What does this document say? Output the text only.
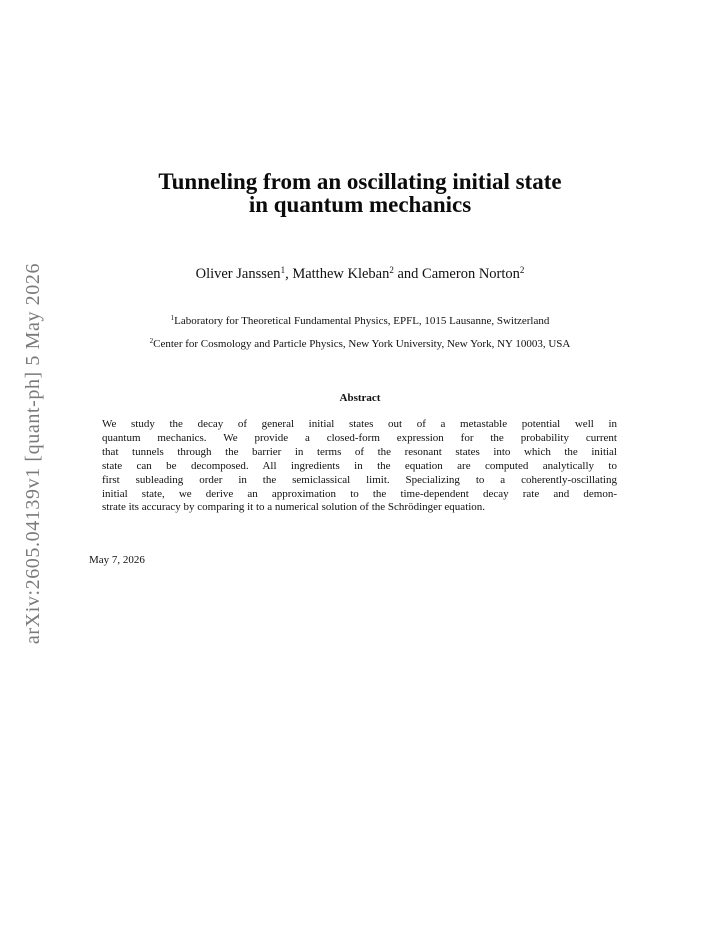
arXiv:2605.04139v1 [quant-ph] 5 May 2026
Tunneling from an oscillating initial state
in quantum mechanics
Oliver Janssen$^1$, Matthew Kleban$^2$ and Cameron Norton$^2$
$^1$Laboratory for Theoretical Fundamental Physics, EPFL, 1015 Lausanne, Switzerland
$^2$Center for Cosmology and Particle Physics, New York University, New York, NY 10003, USA
Abstract
We study the decay of general initial states out of a metastable potential well in
quantum mechanics. We provide a closed-form expression for the probability current
that tunnels through the barrier in terms of the resonant states into which the initial
state can be decomposed. All ingredients in the equation are computed analytically to
first subleading order in the semiclassical limit. Specializing to a coherently-oscillating
initial state, we derive an approximation to the time-dependent decay rate and demon-
strate its accuracy by comparing it to a numerical solution of the Schrödinger equation.
May 7, 2026
